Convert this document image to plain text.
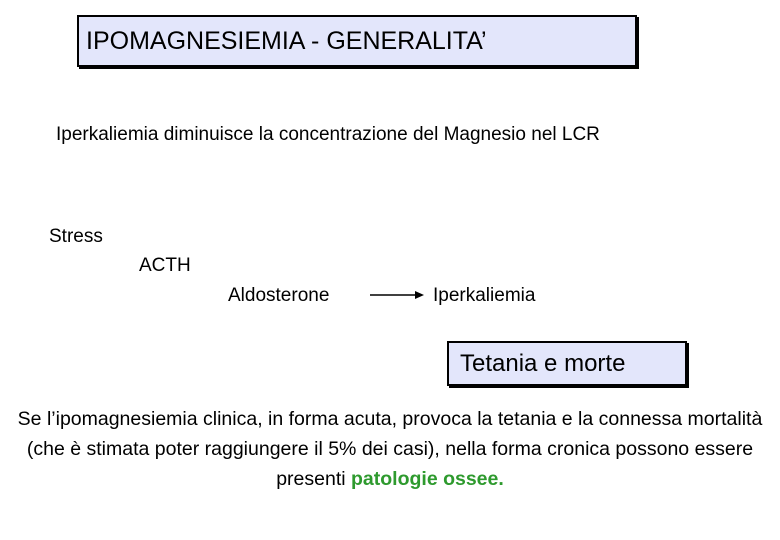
IPOMAGNESIEMIA - GENERALITA’
Iperkaliemia diminuisce la concentrazione del Magnesio nel LCR
Stress
ACTH
Aldosterone	Iperkaliemia
Tetania e morte
Se l’ipomagnesiemia clinica, in forma acuta, provoca la tetania e la connessa mortalità (che è stimata poter raggiungere il 5% dei casi), nella forma cronica possono essere presenti patologie ossee.
